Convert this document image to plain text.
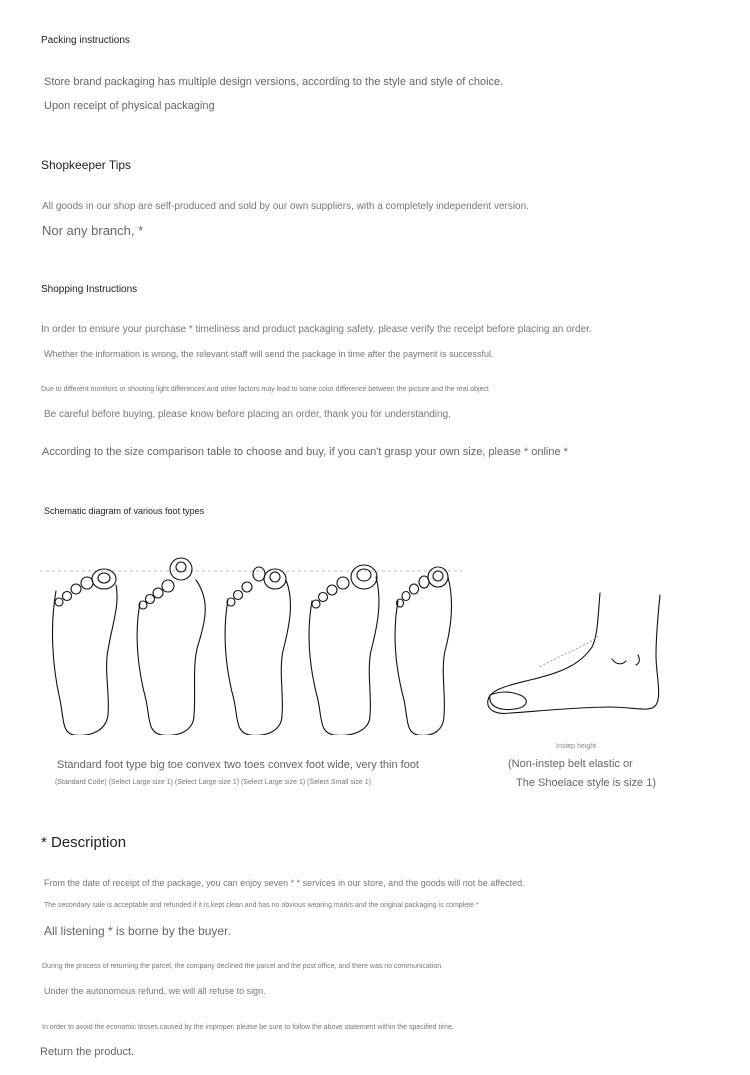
Packing instructions

Store brand packaging has multiple design versions, according to the style and style of choice.

Upon receipt of physical packaging

Shopkeeper Tips

All goods in our shop are self-produced and sold by our own suppliers, with a completely independent version.

Nor any branch, *

Shopping Instructions

In order to ensure your purchase * timeliness and product packaging safety, please verify the receipt before placing an order.

Whether the information is wrong, the relevant staff will send the package in time after the payment is successful.

Due to different monitors or shooting light differences and other factors may lead to some color difference between the picture and the real object

Be careful before buying, please know before placing an order, thank you for understanding.

According to the size comparison table to choose and buy, if you can't grasp your own size, please * online *

Schematic diagram of various foot types

Standard foot type big toe convex two toes convex foot wide, very thin foot

(Standard Code) (Select Large size 1) (Select Large size 1) (Select Large size 1) (Select Small size 1)

Instep height

(Non-instep belt elastic or

The Shoelace style is size 1)

* Description

From the date of receipt of the package, you can enjoy seven * * services in our store, and the goods will not be affected.

The secondary sale is acceptable and refunded if it is kept clean and has no obvious wearing marks and the original packaging is complete *

All listening * is borne by the buyer.

During the process of returning the parcel, the company declined the parcel and the post office, and there was no communication.

Under the autonomous refund, we will all refuse to sign.

In order to avoid the economic losses caused by the improper, please be sure to follow the above statement within the specified time.

Return the product.
